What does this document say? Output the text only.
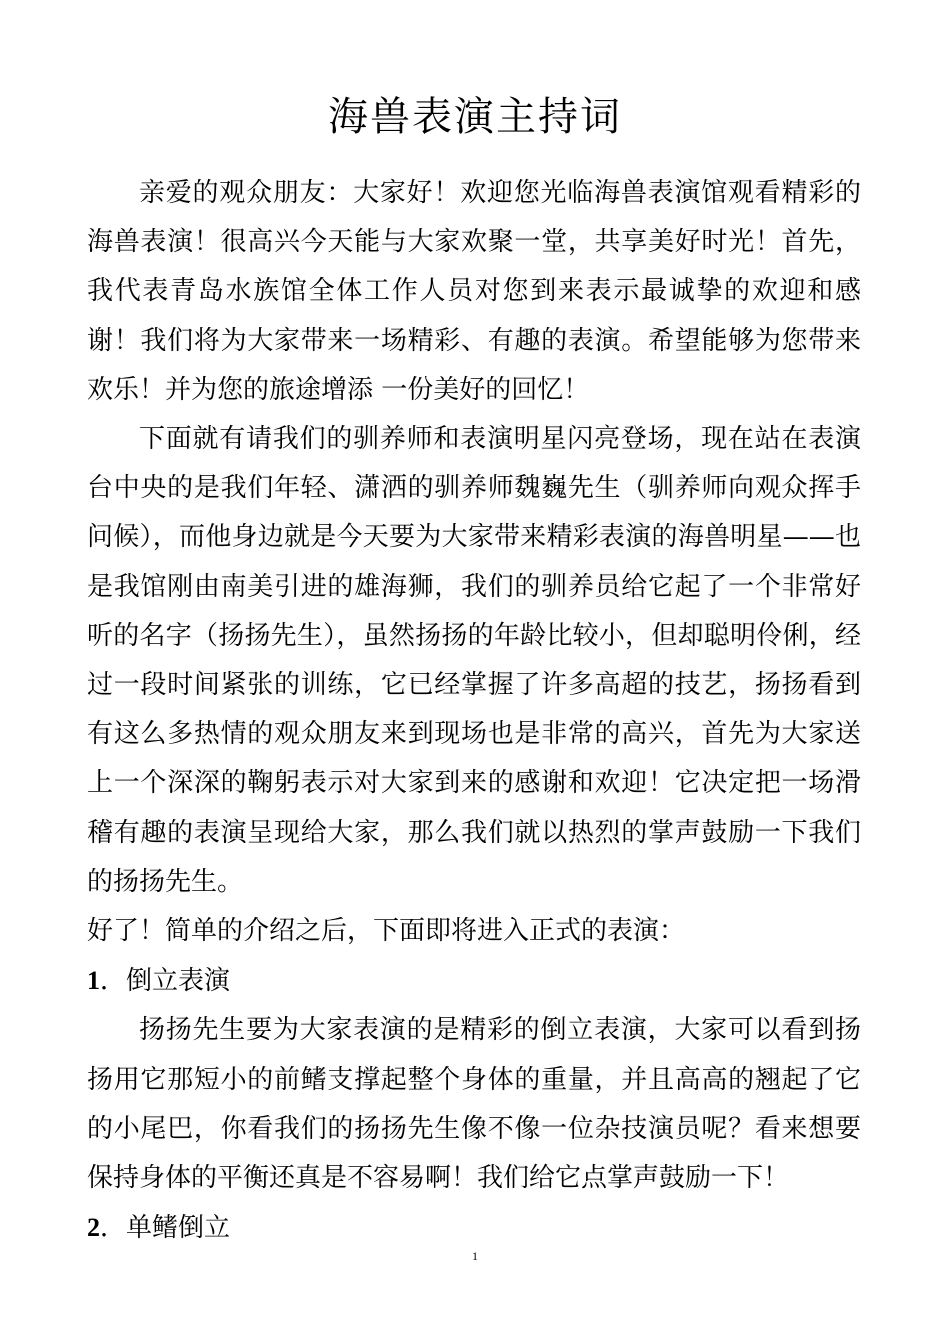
海兽表演主持词

亲爱的观众朋友：大家好！欢迎您光临海兽表演馆观看精彩的海兽表演！很高兴今天能与大家欢聚一堂，共享美好时光！首先，我代表青岛水族馆全体工作人员对您到来表示最诚挚的欢迎和感谢！我们将为大家带来一场精彩、有趣的表演。希望能够为您带来欢乐！并为您的旅途增添 一份美好的回忆！

下面就有请我们的驯养师和表演明星闪亮登场，现在站在表演台中央的是我们年轻、潇洒的驯养师魏巍先生（驯养师向观众挥手问候），而他身边就是今天要为大家带来精彩表演的海兽明星——也是我馆刚由南美引进的雄海狮，我们的驯养员给它起了一个非常好听的名字（扬扬先生），虽然扬扬的年龄比较小，但却聪明伶俐，经过一段时间紧张的训练，它已经掌握了许多高超的技艺，扬扬看到有这么多热情的观众朋友来到现场也是非常的高兴，首先为大家送上一个深深的鞠躬表示对大家到来的感谢和欢迎！它决定把一场滑稽有趣的表演呈现给大家，那么我们就以热烈的掌声鼓励一下我们的扬扬先生。

好了！简单的介绍之后，下面即将进入正式的表演：

1．倒立表演

扬扬先生要为大家表演的是精彩的倒立表演，大家可以看到扬扬用它那短小的前鳍支撑起整个身体的重量，并且高高的翘起了它的小尾巴，你看我们的扬扬先生像不像一位杂技演员呢？看来想要保持身体的平衡还真是不容易啊！我们给它点掌声鼓励一下！

2．单鳍倒立
1
